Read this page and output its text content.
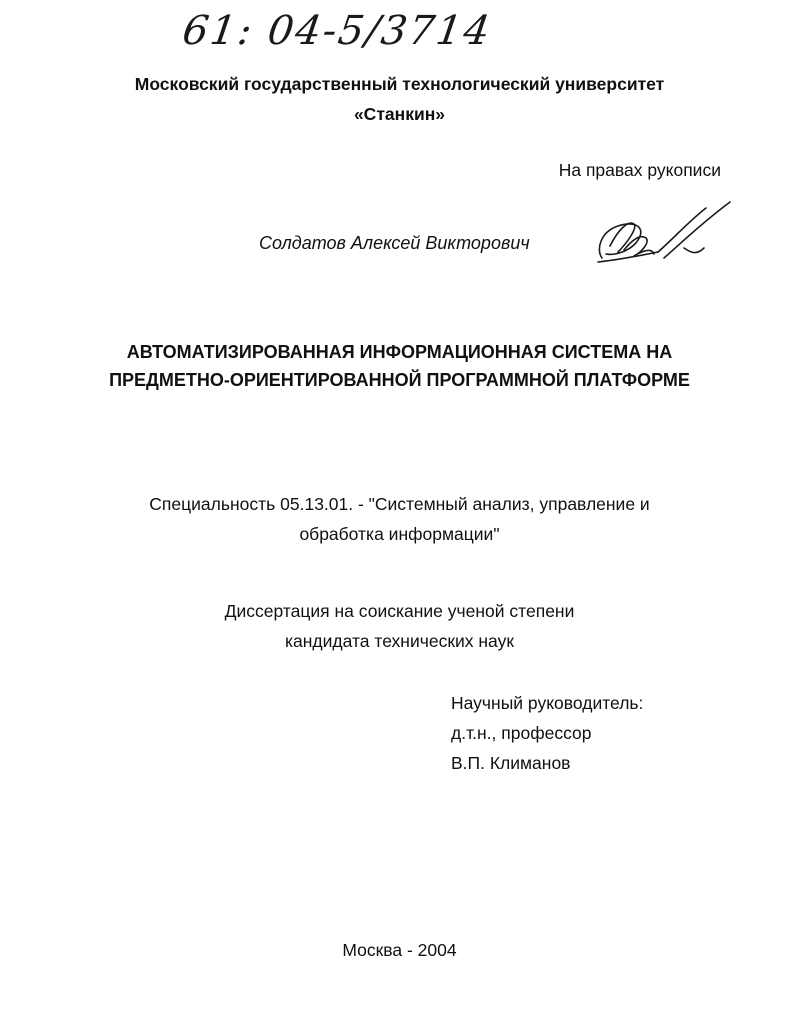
61: 04-5/3714
Московский государственный технологический университет
«Станкин»
На правах рукописи
Солдатов Алексей Викторович
АВТОМАТИЗИРОВАННАЯ ИНФОРМАЦИОННАЯ СИСТЕМА НА
ПРЕДМЕТНО-ОРИЕНТИРОВАННОЙ ПРОГРАММНОЙ ПЛАТФОРМЕ
Специальность 05.13.01. - "Системный анализ, управление и
обработка информации"
Диссертация на соискание ученой степени
кандидата технических наук
Научный руководитель:
д.т.н., профессор
В.П. Климанов
Москва - 2004
